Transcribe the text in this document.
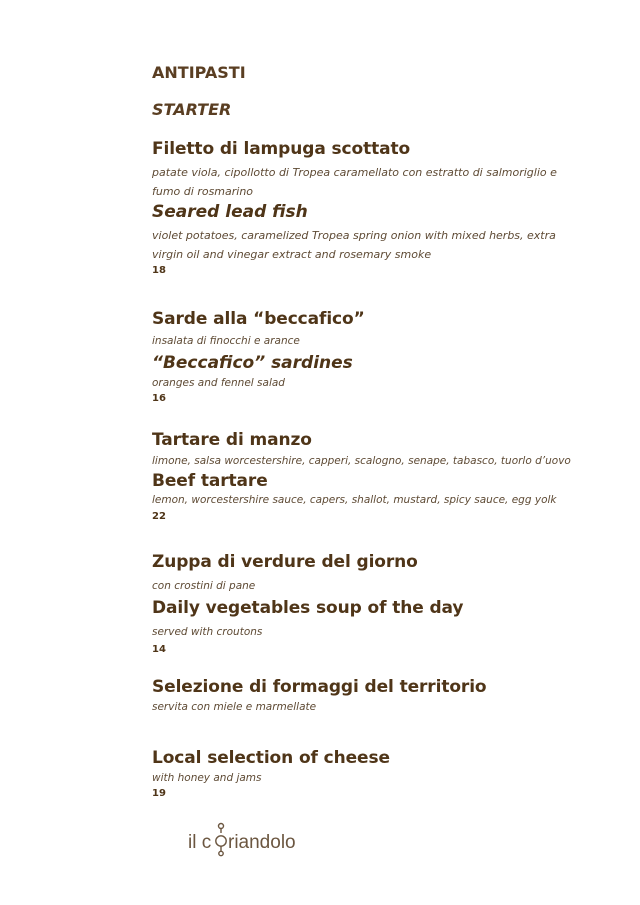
ANTIPASTI
STARTER
Filetto di lampuga scottato
patate viola, cipollotto di Tropea caramellato con estratto di salmoriglio e fumo di rosmarino
Seared lead fish
violet potatoes, caramelized Tropea spring onion with mixed herbs, extra virgin oil and vinegar extract and rosemary smoke
18
Sarde alla “beccafico”
insalata di finocchi e arance
“Beccafico” sardines
oranges and fennel salad
16
Tartare di manzo
limone, salsa worcestershire, capperi, scalogno, senape, tabasco, tuorlo d’uovo
Beef tartare
lemon, worcestershire sauce, capers, shallot, mustard, spicy sauce, egg yolk
22
Zuppa di verdure del giorno
con crostini di pane
Daily vegetables soup of the day
served with croutons
14
Selezione di formaggi del territorio
servita con miele e marmellate
Local selection of cheese
with honey and jams
19
il c riandolo
